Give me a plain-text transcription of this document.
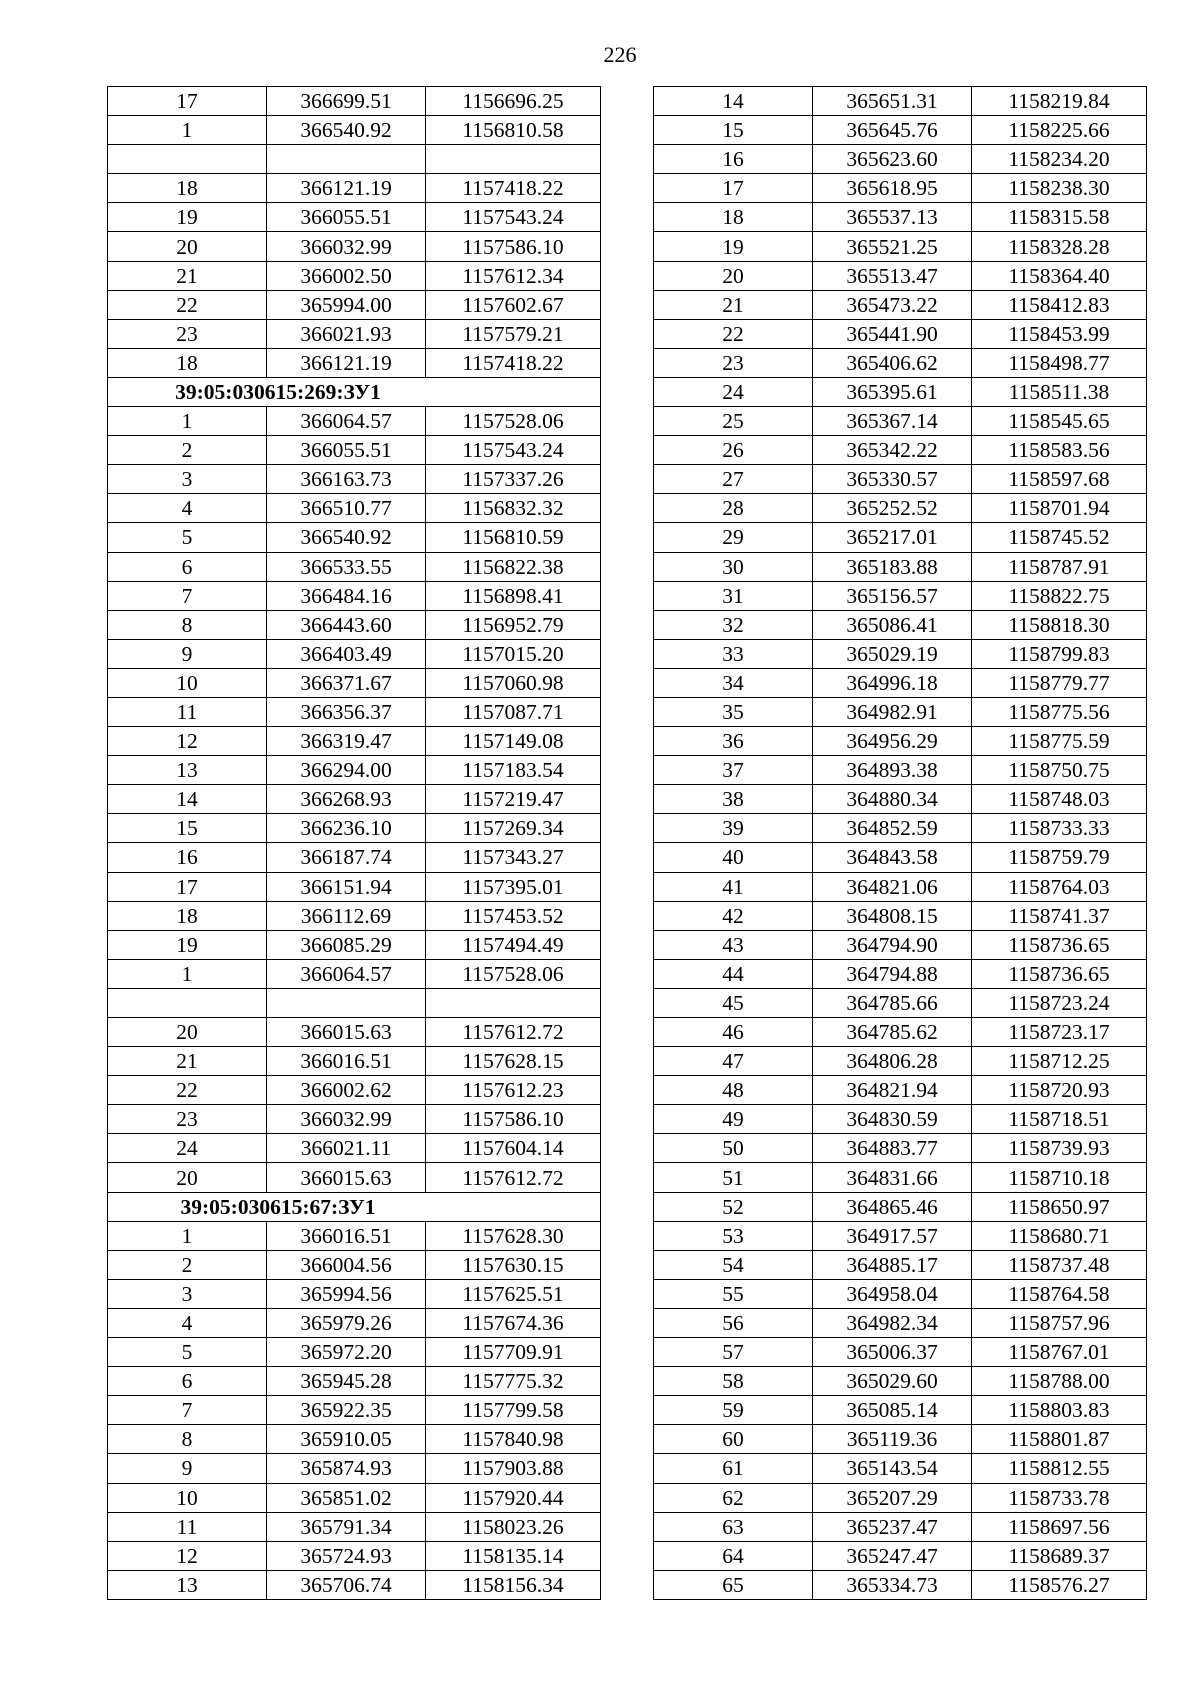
226
17	366699.51	1156696.25
1	366540.92	1156810.58

18	366121.19	1157418.22
19	366055.51	1157543.24
20	366032.99	1157586.10
21	366002.50	1157612.34
22	365994.00	1157602.67
23	366021.93	1157579.21
18	366121.19	1157418.22
39:05:030615:269:ЗУ1		
1	366064.57	1157528.06
2	366055.51	1157543.24
3	366163.73	1157337.26
4	366510.77	1156832.32
5	366540.92	1156810.59
6	366533.55	1156822.38
7	366484.16	1156898.41
8	366443.60	1156952.79
9	366403.49	1157015.20
10	366371.67	1157060.98
11	366356.37	1157087.71
12	366319.47	1157149.08
13	366294.00	1157183.54
14	366268.93	1157219.47
15	366236.10	1157269.34
16	366187.74	1157343.27
17	366151.94	1157395.01
18	366112.69	1157453.52
19	366085.29	1157494.49
1	366064.57	1157528.06

20	366015.63	1157612.72
21	366016.51	1157628.15
22	366002.62	1157612.23
23	366032.99	1157586.10
24	366021.11	1157604.14
20	366015.63	1157612.72
39:05:030615:67:ЗУ1		
1	366016.51	1157628.30
2	366004.56	1157630.15
3	365994.56	1157625.51
4	365979.26	1157674.36
5	365972.20	1157709.91
6	365945.28	1157775.32
7	365922.35	1157799.58
8	365910.05	1157840.98
9	365874.93	1157903.88
10	365851.02	1157920.44
11	365791.34	1158023.26
12	365724.93	1158135.14
13	365706.74	1158156.34
14	365651.31	1158219.84
15	365645.76	1158225.66
16	365623.60	1158234.20
17	365618.95	1158238.30
18	365537.13	1158315.58
19	365521.25	1158328.28
20	365513.47	1158364.40
21	365473.22	1158412.83
22	365441.90	1158453.99
23	365406.62	1158498.77
24	365395.61	1158511.38
25	365367.14	1158545.65
26	365342.22	1158583.56
27	365330.57	1158597.68
28	365252.52	1158701.94
29	365217.01	1158745.52
30	365183.88	1158787.91
31	365156.57	1158822.75
32	365086.41	1158818.30
33	365029.19	1158799.83
34	364996.18	1158779.77
35	364982.91	1158775.56
36	364956.29	1158775.59
37	364893.38	1158750.75
38	364880.34	1158748.03
39	364852.59	1158733.33
40	364843.58	1158759.79
41	364821.06	1158764.03
42	364808.15	1158741.37
43	364794.90	1158736.65
44	364794.88	1158736.65
45	364785.66	1158723.24
46	364785.62	1158723.17
47	364806.28	1158712.25
48	364821.94	1158720.93
49	364830.59	1158718.51
50	364883.77	1158739.93
51	364831.66	1158710.18
52	364865.46	1158650.97
53	364917.57	1158680.71
54	364885.17	1158737.48
55	364958.04	1158764.58
56	364982.34	1158757.96
57	365006.37	1158767.01
58	365029.60	1158788.00
59	365085.14	1158803.83
60	365119.36	1158801.87
61	365143.54	1158812.55
62	365207.29	1158733.78
63	365237.47	1158697.56
64	365247.47	1158689.37
65	365334.73	1158576.27
